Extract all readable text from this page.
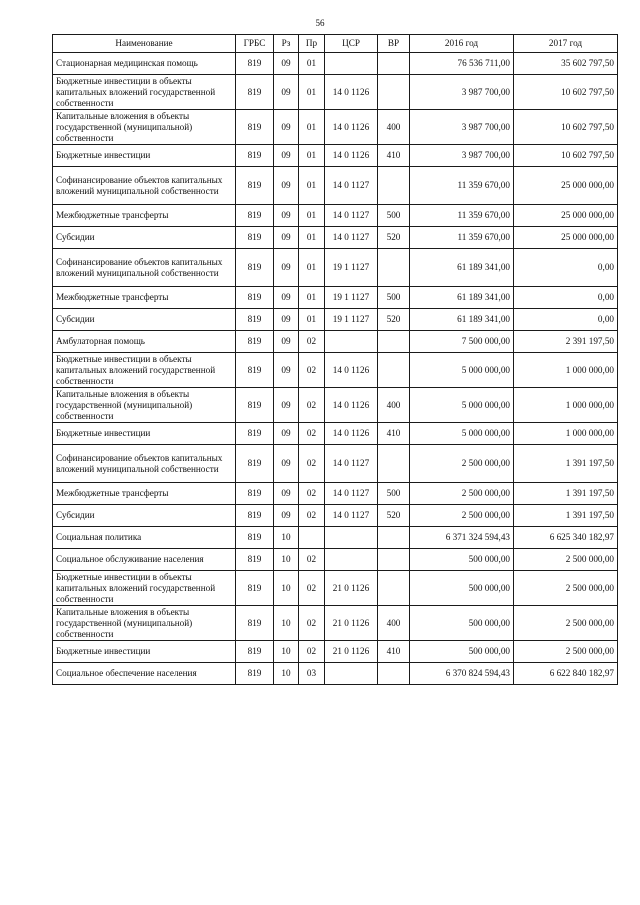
56
Наименование	ГРБС	Рз	Пр	ЦСР	ВР	2016 год	2017 год
Стационарная медицинская помощь	819	09	01			76 536 711,00	35 602 797,50
Бюджетные инвестиции в объекты капитальных вложений государственной собственности	819	09	01	14 0 1126		3 987 700,00	10 602 797,50
Капитальные вложения в объекты государственной (муниципальной) собственности	819	09	01	14 0 1126	400	3 987 700,00	10 602 797,50
Бюджетные инвестиции	819	09	01	14 0 1126	410	3 987 700,00	10 602 797,50
Софинансирование объектов капитальных вложений муниципальной собственности	819	09	01	14 0 1127		11 359 670,00	25 000 000,00
Межбюджетные трансферты	819	09	01	14 0 1127	500	11 359 670,00	25 000 000,00
Субсидии	819	09	01	14 0 1127	520	11 359 670,00	25 000 000,00
Софинансирование объектов капитальных вложений муниципальной собственности	819	09	01	19 1 1127		61 189 341,00	0,00
Межбюджетные трансферты	819	09	01	19 1 1127	500	61 189 341,00	0,00
Субсидии	819	09	01	19 1 1127	520	61 189 341,00	0,00
Амбулаторная помощь	819	09	02			7 500 000,00	2 391 197,50
Бюджетные инвестиции в объекты капитальных вложений государственной собственности	819	09	02	14 0 1126		5 000 000,00	1 000 000,00
Капитальные вложения в объекты государственной (муниципальной) собственности	819	09	02	14 0 1126	400	5 000 000,00	1 000 000,00
Бюджетные инвестиции	819	09	02	14 0 1126	410	5 000 000,00	1 000 000,00
Софинансирование объектов капитальных вложений муниципальной собственности	819	09	02	14 0 1127		2 500 000,00	1 391 197,50
Межбюджетные трансферты	819	09	02	14 0 1127	500	2 500 000,00	1 391 197,50
Субсидии	819	09	02	14 0 1127	520	2 500 000,00	1 391 197,50
Социальная политика	819	10				6 371 324 594,43	6 625 340 182,97
Социальное обслуживание населения	819	10	02			500 000,00	2 500 000,00
Бюджетные инвестиции в объекты капитальных вложений государственной собственности	819	10	02	21 0 1126		500 000,00	2 500 000,00
Капитальные вложения в объекты государственной (муниципальной) собственности	819	10	02	21 0 1126	400	500 000,00	2 500 000,00
Бюджетные инвестиции	819	10	02	21 0 1126	410	500 000,00	2 500 000,00
Социальное обеспечение населения	819	10	03			6 370 824 594,43	6 622 840 182,97
